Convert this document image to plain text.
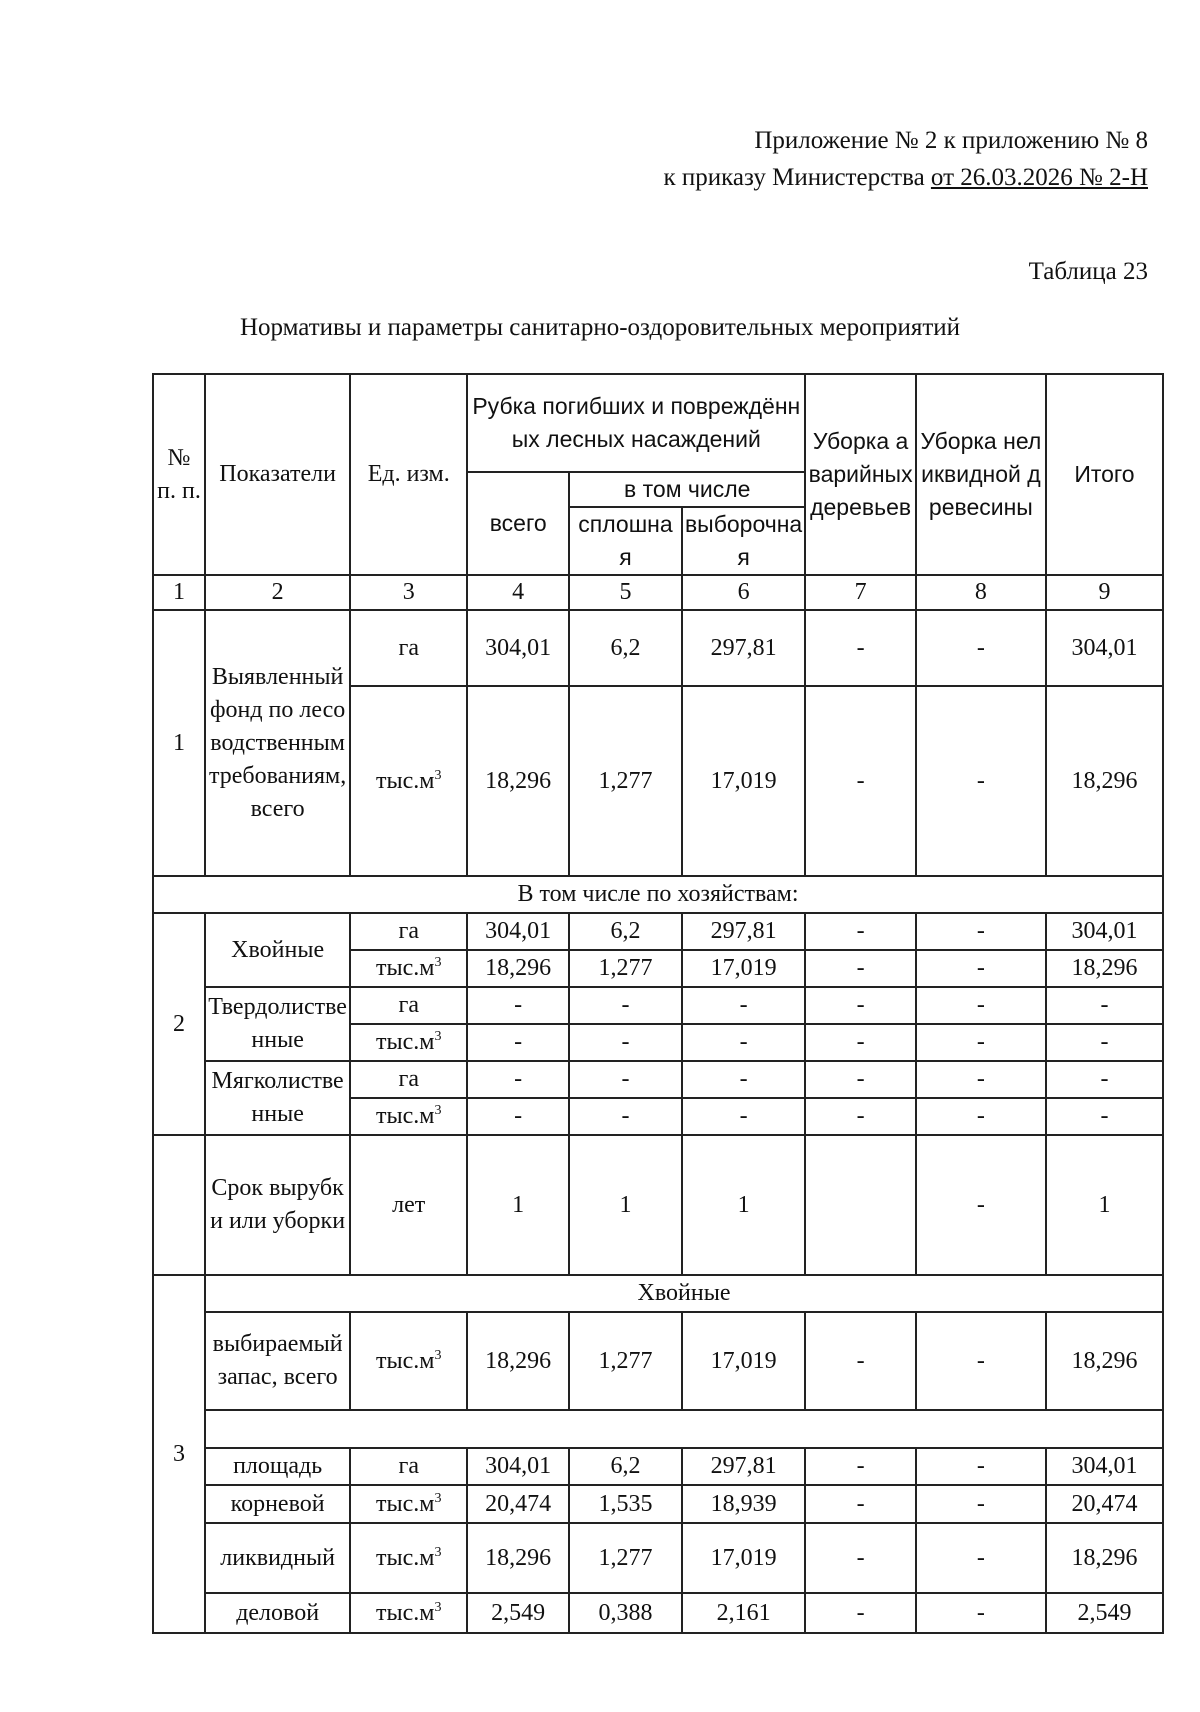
Приложение № 2 к приложению № 8
к приказу Министерства от 26.03.2026 № 2-Н
Таблица 23
Нормативы и параметры санитарно-оздоровительных мероприятий
№ п. п.	Показатели	Ед. изм.	Рубка погибших и повреждённых лесных насаждений			Уборка аварийных деревьев	Уборка неликвидной древесины	Итого
			всего	в том числе				
				сплошная	выборочная			
1	2	3	4	5	6	7	8	9
1	Выявленный фонд по лесоводственным требованиям, всего	га	304,01	6,2	297,81	-	-	304,01
		$тыс.м^3$	18,296	1,277	17,019	-	-	18,296
В том числе по хозяйствам:								
2	Хвойные	га	304,01	6,2	297,81	-	-	304,01
		$тыс.м^3$	18,296	1,277	17,019	-	-	18,296
	Твердолиственные	га	-	-	-	-	-	-
		$тыс.м^3$	-	-	-	-	-	-
	Мягколиственные	га	-	-	-	-	-	-
		$тыс.м^3$	-	-	-	-	-	-
	Срок вырубки или уборки	лет	1	1	1		-	1
3	Хвойные							
	выбираемый запас, всего	$тыс.м^3$	18,296	1,277	17,019	-	-	18,296

	площадь	га	304,01	6,2	297,81	-	-	304,01
	корневой	$тыс.м^3$	20,474	1,535	18,939	-	-	20,474
	ликвидный	$тыс.м^3$	18,296	1,277	17,019	-	-	18,296
	деловой	$тыс.м^3$	2,549	0,388	2,161	-	-	2,549
